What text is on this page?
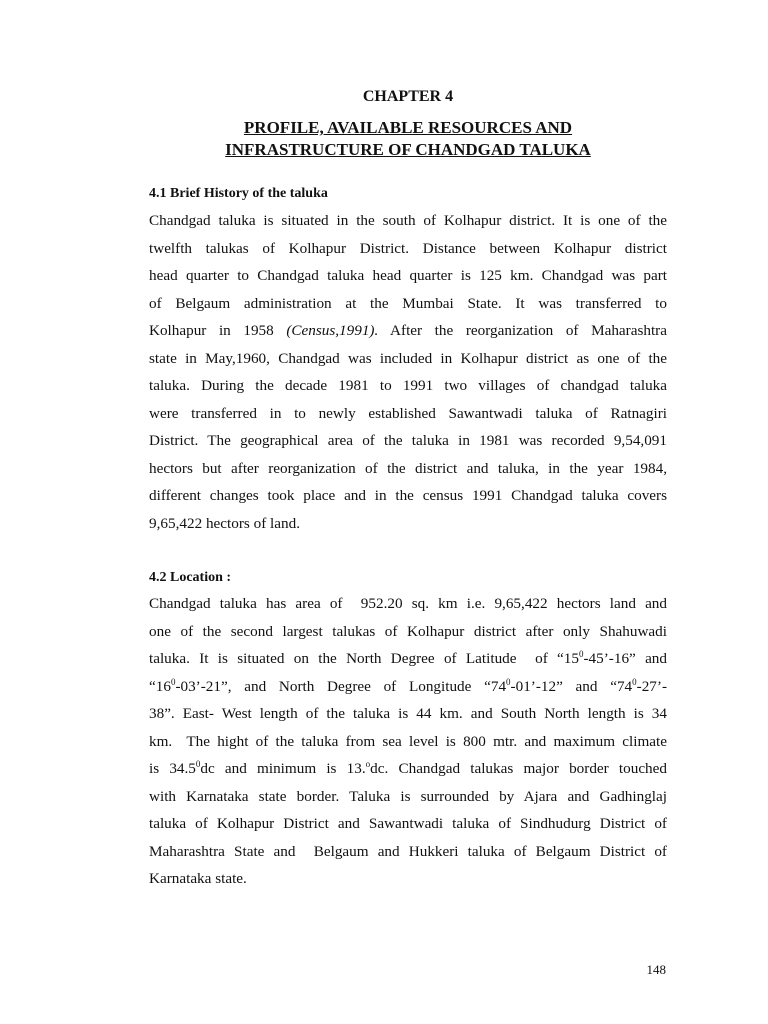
CHAPTER 4
PROFILE, AVAILABLE RESOURCES AND
INFRASTRUCTURE OF CHANDGAD TALUKA
4.1 Brief History of the taluka
Chandgad taluka is situated in the south of Kolhapur district. It is one of the
twelfth talukas of Kolhapur District. Distance between Kolhapur district
head quarter to Chandgad taluka head quarter is 125 km. Chandgad was part
of Belgaum administration at the Mumbai State. It was transferred to
Kolhapur in 1958 (Census,1991). After the reorganization of Maharashtra
state in May,1960, Chandgad was included in Kolhapur district as one of the
taluka. During the decade 1981 to 1991 two villages of chandgad taluka
were transferred in to newly established Sawantwadi taluka of Ratnagiri
District. The geographical area of the taluka in 1981 was recorded 9,54,091
hectors but after reorganization of the district and taluka, in the year 1984,
different changes took place and in the census 1991 Chandgad taluka covers
9,65,422 hectors of land.
4.2 Location :
Chandgad taluka has area of  952.20 sq. km i.e. 9,65,422 hectors land and
one of the second largest talukas of Kolhapur district after only Shahuwadi
taluka. It is situated on the North Degree of Latitude  of “$15^0-45’-16$” and
“$16^0-03’-21$”, and North Degree of Longitude “$74^0-01’-12$” and “$74^0-27’-$
38”. East- West length of the taluka is 44 km. and South North length is 34
km.  The hight of the taluka from sea level is 800 mtr. and maximum climate
is 34.5$^0$dc and minimum is 13.$^o$dc. Chandgad talukas major border touched
with Karnataka state border. Taluka is surrounded by Ajara and Gadhinglaj
taluka of Kolhapur District and Sawantwadi taluka of Sindhudurg District of
Maharashtra State and  Belgaum and Hukkeri taluka of Belgaum District of
Karnataka state.
148
